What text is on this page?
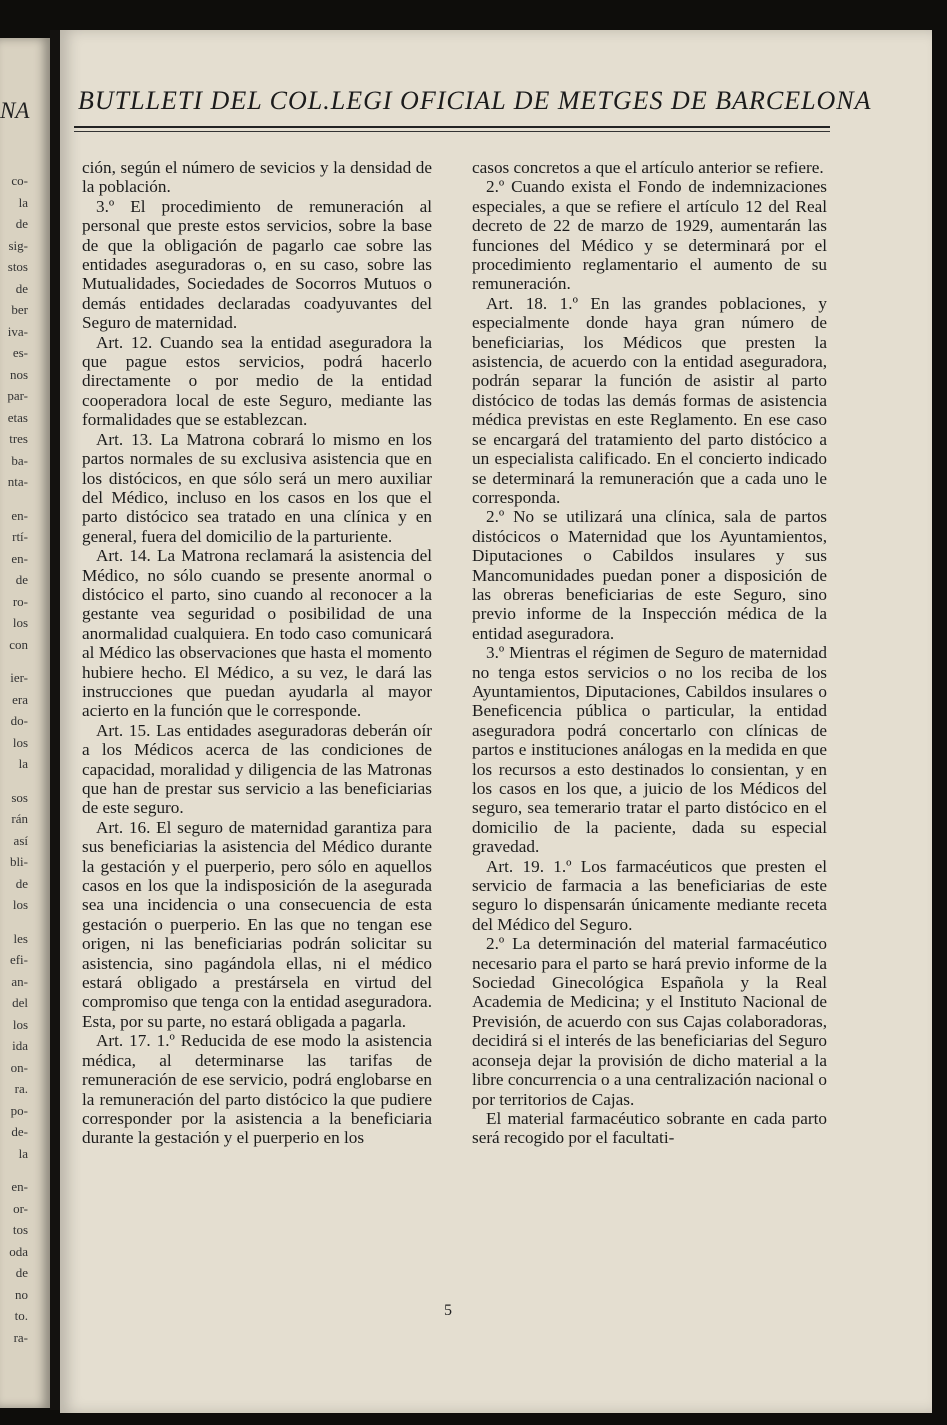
NA
co-
la
de
sig-
stos
de
ber
iva-
es-
nos
par-
etas
tres
ba-
nta-
en-
rtí-
en-
de
ro-
los
con
ier-
era
do-
los
la
sos
rán
así
bli-
de
los
les
efi-
an-
del
los
ida
on-
ra.
po-
de-
la
en-
or-
tos
oda
de
no
to.
ra-
BUTLLETI DEL COL.LEGI OFICIAL DE METGES DE BARCELONA

ción, según el número de sevicios y la densidad de la población.

3.º El procedimiento de remuneración al personal que preste estos servicios, sobre la base de que la obligación de pagarlo cae sobre las entidades aseguradoras o, en su caso, sobre las Mutualidades, Sociedades de Socorros Mutuos o demás entidades declaradas coadyuvantes del Seguro de maternidad.

Art. 12. Cuando sea la entidad aseguradora la que pague estos servicios, podrá hacerlo directamente o por medio de la entidad cooperadora local de este Seguro, mediante las formalidades que se establezcan.

Art. 13. La Matrona cobrará lo mismo en los partos normales de su exclusiva asistencia que en los distócicos, en que sólo será un mero auxiliar del Médico, incluso en los casos en los que el parto distócico sea tratado en una clínica y en general, fuera del domicilio de la parturiente.

Art. 14. La Matrona reclamará la asistencia del Médico, no sólo cuando se presente anormal o distócico el parto, sino cuando al reconocer a la gestante vea seguridad o posibilidad de una anormalidad cualquiera. En todo caso comunicará al Médico las observaciones que hasta el momento hubiere hecho. El Médico, a su vez, le dará las instrucciones que puedan ayudarla al mayor acierto en la función que le corresponde.

Art. 15. Las entidades aseguradoras deberán oír a los Médicos acerca de las condiciones de capacidad, moralidad y diligencia de las Matronas que han de prestar sus servicio a las beneficiarias de este seguro.

Art. 16. El seguro de maternidad garantiza para sus beneficiarias la asistencia del Médico durante la gestación y el puerperio, pero sólo en aquellos casos en los que la indisposición de la asegurada sea una incidencia o una consecuencia de esta gestación o puerperio. En las que no tengan ese origen, ni las beneficiarias podrán solicitar su asistencia, sino pagándola ellas, ni el médico estará obligado a prestársela en virtud del compromiso que tenga con la entidad aseguradora. Esta, por su parte, no estará obligada a pagarla.

Art. 17. 1.º Reducida de ese modo la asistencia médica, al determinarse las tarifas de remuneración de ese servicio, podrá englobarse en la remuneración del parto distócico la que pudiere corresponder por la asistencia a la beneficiaria durante la gestación y el puerperio en los

casos concretos a que el artículo anterior se refiere.

2.º Cuando exista el Fondo de indemnizaciones especiales, a que se refiere el artículo 12 del Real decreto de 22 de marzo de 1929, aumentarán las funciones del Médico y se determinará por el procedimiento reglamentario el aumento de su remuneración.

Art. 18. 1.º En las grandes poblaciones, y especialmente donde haya gran número de beneficiarias, los Médicos que presten la asistencia, de acuerdo con la entidad aseguradora, podrán separar la función de asistir al parto distócico de todas las demás formas de asistencia médica previstas en este Reglamento. En ese caso se encargará del tratamiento del parto distócico a un especialista calificado. En el concierto indicado se determinará la remuneración que a cada uno le corresponda.

2.º No se utilizará una clínica, sala de partos distócicos o Maternidad que los Ayuntamientos, Diputaciones o Cabildos insulares y sus Mancomunidades puedan poner a disposición de las obreras beneficiarias de este Seguro, sino previo informe de la Inspección médica de la entidad aseguradora.

3.º Mientras el régimen de Seguro de maternidad no tenga estos servicios o no los reciba de los Ayuntamientos, Diputaciones, Cabildos insulares o Beneficencia pública o particular, la entidad aseguradora podrá concertarlo con clínicas de partos e instituciones análogas en la medida en que los recursos a esto destinados lo consientan, y en los casos en los que, a juicio de los Médicos del seguro, sea temerario tratar el parto distócico en el domicilio de la paciente, dada su especial gravedad.

Art. 19. 1.º Los farmacéuticos que presten el servicio de farmacia a las beneficiarias de este seguro lo dispensarán únicamente mediante receta del Médico del Seguro.

2.º La determinación del material farmacéutico necesario para el parto se hará previo informe de la Sociedad Ginecológica Española y la Real Academia de Medicina; y el Instituto Nacional de Previsión, de acuerdo con sus Cajas colaboradoras, decidirá si el interés de las beneficiarias del Seguro aconseja dejar la provisión de dicho material a la libre concurrencia o a una centralización nacional o por territorios de Cajas.

El material farmacéutico sobrante en cada parto será recogido por el facultati-

5
